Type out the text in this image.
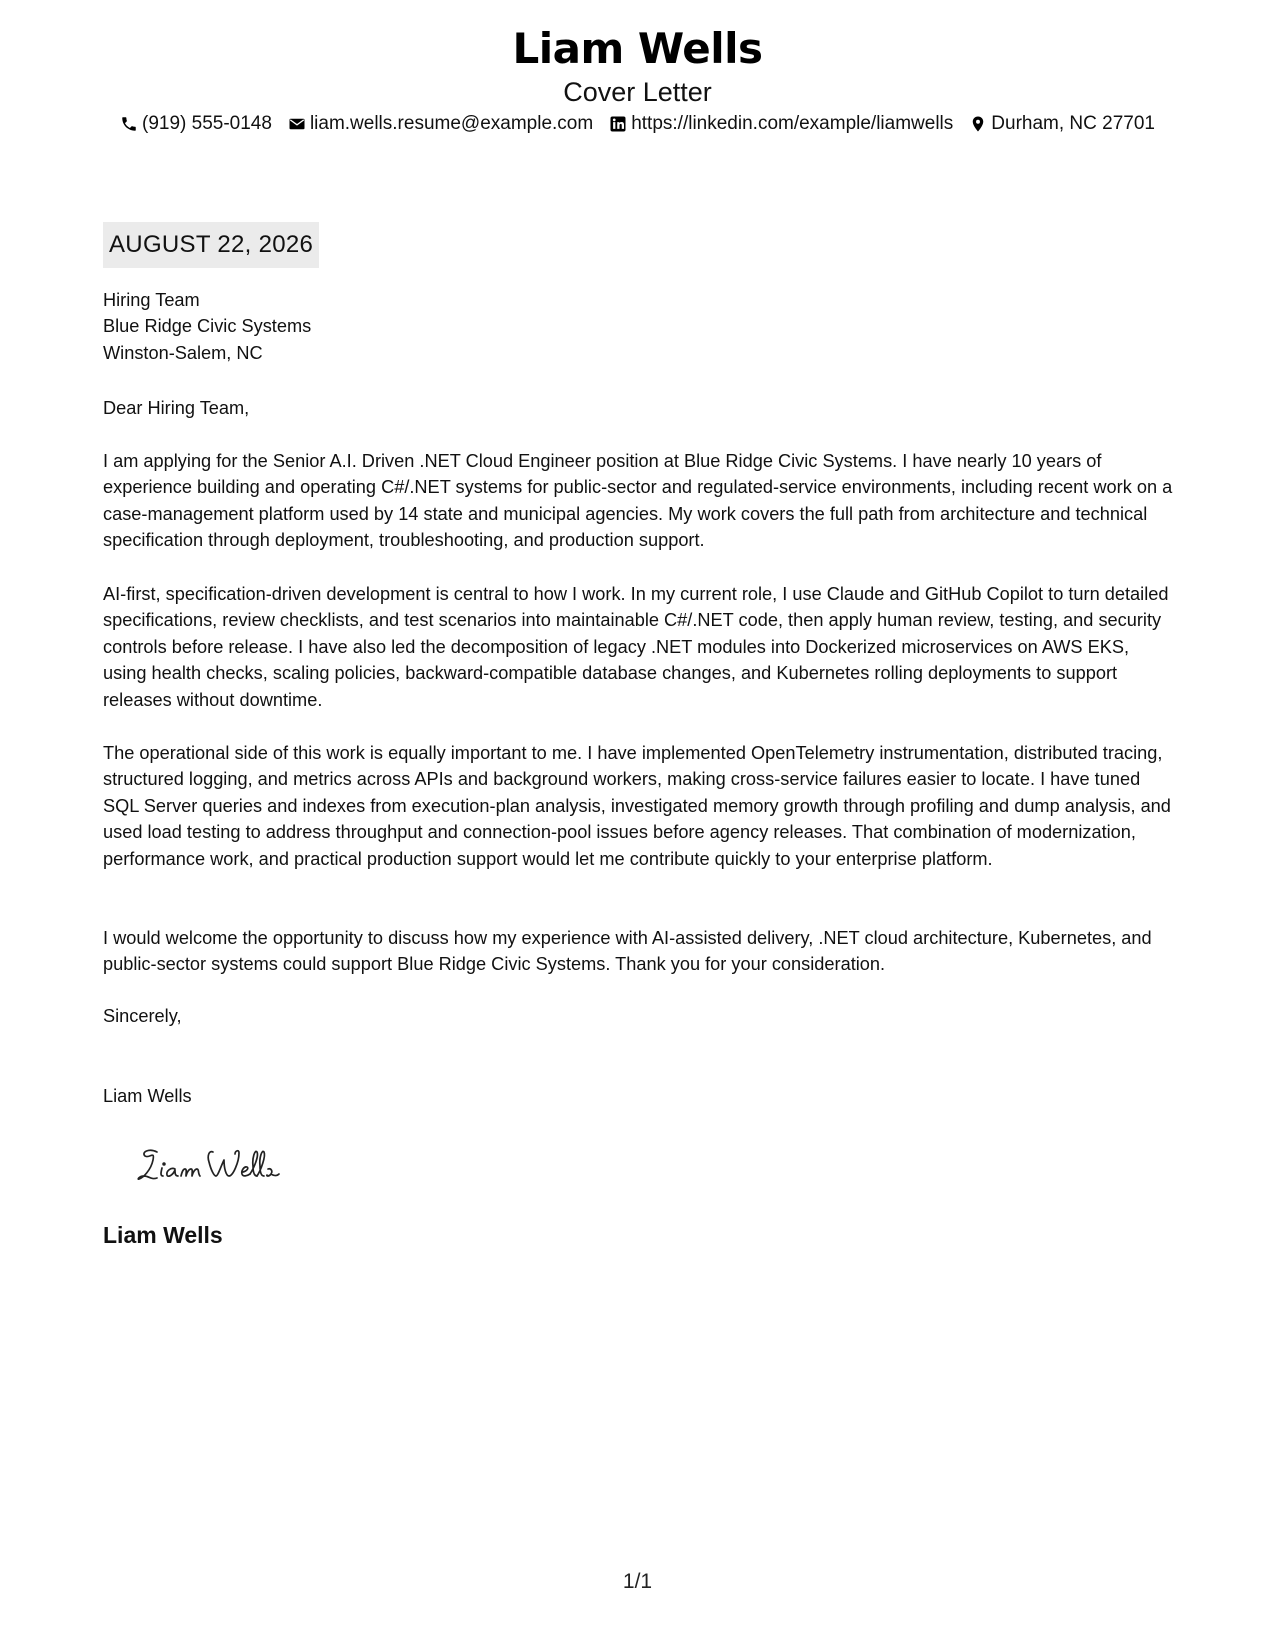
Liam Wells
Cover Letter
(919) 555-0148 liam.wells.resume@example.com https://linkedin.com/example/liamwells Durham, NC 27701
AUGUST 22, 2026
Hiring Team
Blue Ridge Civic Systems
Winston-Salem, NC
Dear Hiring Team,
I am applying for the Senior A.I. Driven .NET Cloud Engineer position at Blue Ridge Civic Systems. I have nearly 10 years of experience building and operating C#/.NET systems for public-sector and regulated-service environments, including recent work on a case-management platform used by 14 state and municipal agencies. My work covers the full path from architecture and technical specification through deployment, troubleshooting, and production support.
AI-first, specification-driven development is central to how I work. In my current role, I use Claude and GitHub Copilot to turn detailed specifications, review checklists, and test scenarios into maintainable C#/.NET code, then apply human review, testing, and security controls before release. I have also led the decomposition of legacy .NET modules into Dockerized microservices on AWS EKS, using health checks, scaling policies, backward-compatible database changes, and Kubernetes rolling deployments to support releases without downtime.
The operational side of this work is equally important to me. I have implemented OpenTelemetry instrumentation, distributed tracing, structured logging, and metrics across APIs and background workers, making cross-service failures easier to locate. I have tuned SQL Server queries and indexes from execution-plan analysis, investigated memory growth through profiling and dump analysis, and used load testing to address throughput and connection-pool issues before agency releases. That combination of modernization, performance work, and practical production support would let me contribute quickly to your enterprise platform.
I would welcome the opportunity to discuss how my experience with AI-assisted delivery, .NET cloud architecture, Kubernetes, and public-sector systems could support Blue Ridge Civic Systems. Thank you for your consideration.
Sincerely,
Liam Wells
Liam Wells
1/1
